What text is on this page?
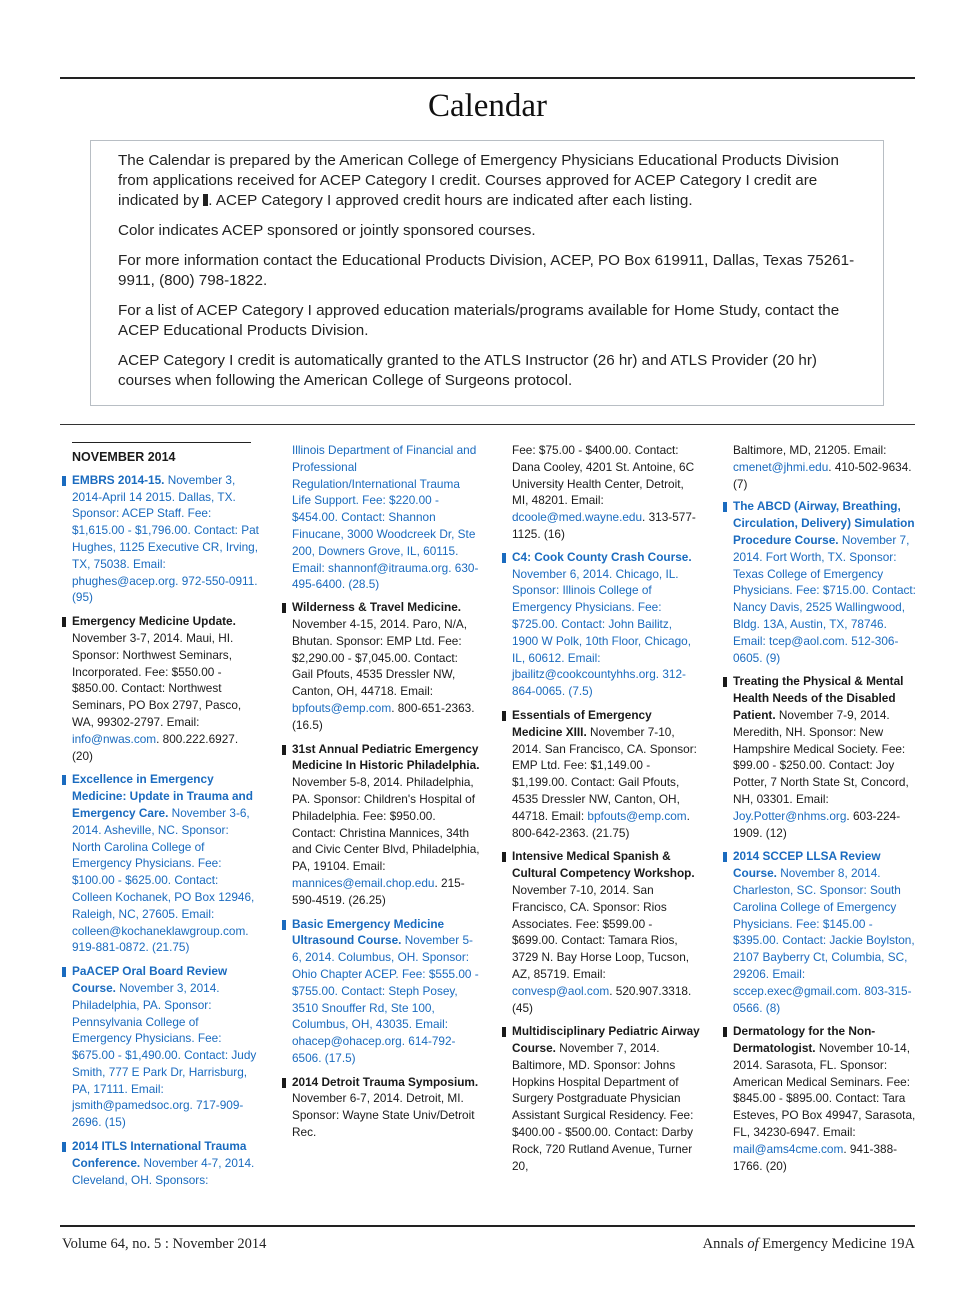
Calendar

The Calendar is prepared by the American College of Emergency Physicians Educational Products Division from applications received for ACEP Category I credit. Courses approved for ACEP Category I credit are indicated by . ACEP Category I approved credit hours are indicated after each listing.

Color indicates ACEP sponsored or jointly sponsored courses.

For more information contact the Educational Products Division, ACEP, PO Box 619911, Dallas, Texas 75261-9911, (800) 798-1822.

For a list of ACEP Category I approved education materials/programs available for Home Study, contact the ACEP Educational Products Division.

ACEP Category I credit is automatically granted to the ATLS Instructor (26 hr) and ATLS Provider (20 hr) courses when following the American College of Surgeons protocol.

NOVEMBER 2014
EMBRS 2014-15. November 3, 2014-April 14 2015. Dallas, TX. Sponsor: ACEP Staff. Fee: $1,615.00 - $1,796.00. Contact: Pat Hughes, 1125 Executive CR, Irving, TX, 75038. Email: phughes@acep.org. 972-550-0911. (95)
Emergency Medicine Update. November 3-7, 2014. Maui, HI. Sponsor: Northwest Seminars, Incorporated. Fee: $550.00 - $850.00. Contact: Northwest Seminars, PO Box 2797, Pasco, WA, 99302-2797. Email: info@nwas.com. 800.222.6927. (20)
Excellence in Emergency Medicine: Update in Trauma and Emergency Care. November 3-6, 2014. Asheville, NC. Sponsor: North Carolina College of Emergency Physicians. Fee: $100.00 - $625.00. Contact: Colleen Kochanek, PO Box 12946, Raleigh, NC, 27605. Email: colleen@kochaneklawgroup.com. 919-881-0872. (21.75)
PaACEP Oral Board Review Course. November 3, 2014. Philadelphia, PA. Sponsor: Pennsylvania College of Emergency Physicians. Fee: $675.00 - $1,490.00. Contact: Judy Smith, 777 E Park Dr, Harrisburg, PA, 17111. Email: jsmith@pamedsoc.org. 717-909-2696. (15)
2014 ITLS International Trauma Conference. November 4-7, 2014. Cleveland, OH. Sponsors:
Illinois Department of Financial and Professional Regulation/International Trauma Life Support. Fee: $220.00 - $454.00. Contact: Shannon Finucane, 3000 Woodcreek Dr, Ste 200, Downers Grove, IL, 60115. Email: shannonf@itrauma.org. 630-495-6400. (28.5)
Wilderness & Travel Medicine. November 4-15, 2014. Paro, N/A, Bhutan. Sponsor: EMP Ltd. Fee: $2,290.00 - $7,045.00. Contact: Gail Pfouts, 4535 Dressler NW, Canton, OH, 44718. Email: bpfouts@emp.com. 800-651-2363. (16.5)
31st Annual Pediatric Emergency Medicine In Historic Philadelphia. November 5-8, 2014. Philadelphia, PA. Sponsor: Children's Hospital of Philadelphia. Fee: $950.00. Contact: Christina Mannices, 34th and Civic Center Blvd, Philadelphia, PA, 19104. Email: mannices@email.chop.edu. 215-590-4519. (26.25)
Basic Emergency Medicine Ultrasound Course. November 5-6, 2014. Columbus, OH. Sponsor: Ohio Chapter ACEP. Fee: $555.00 - $755.00. Contact: Steph Posey, 3510 Snouffer Rd, Ste 100, Columbus, OH, 43035. Email: ohacep@ohacep.org. 614-792-6506. (17.5)
2014 Detroit Trauma Symposium. November 6-7, 2014. Detroit, MI. Sponsor: Wayne State Univ/Detroit Rec.
Fee: $75.00 - $400.00. Contact: Dana Cooley, 4201 St. Antoine, 6C University Health Center, Detroit, MI, 48201. Email: dcoole@med.wayne.edu. 313-577-1125. (16)
C4: Cook County Crash Course. November 6, 2014. Chicago, IL. Sponsor: Illinois College of Emergency Physicians. Fee: $725.00. Contact: John Bailitz, 1900 W Polk, 10th Floor, Chicago, IL, 60612. Email: jbailitz@cookcountyhhs.org. 312-864-0065. (7.5)
Essentials of Emergency Medicine XIII. November 7-10, 2014. San Francisco, CA. Sponsor: EMP Ltd. Fee: $1,149.00 - $1,199.00. Contact: Gail Pfouts, 4535 Dressler NW, Canton, OH, 44718. Email: bpfouts@emp.com. 800-642-2363. (21.75)
Intensive Medical Spanish & Cultural Competency Workshop. November 7-10, 2014. San Francisco, CA. Sponsor: Rios Associates. Fee: $599.00 - $699.00. Contact: Tamara Rios, 3729 N. Bay Horse Loop, Tucson, AZ, 85719. Email: convesp@aol.com. 520.907.3318. (45)
Multidisciplinary Pediatric Airway Course. November 7, 2014. Baltimore, MD. Sponsor: Johns Hopkins Hospital Department of Surgery Postgraduate Physician Assistant Surgical Residency. Fee: $400.00 - $500.00. Contact: Darby Rock, 720 Rutland Avenue, Turner 20,
Baltimore, MD, 21205. Email: cmenet@jhmi.edu. 410-502-9634. (7)
The ABCD (Airway, Breathing, Circulation, Delivery) Simulation Procedure Course. November 7, 2014. Fort Worth, TX. Sponsor: Texas College of Emergency Physicians. Fee: $715.00. Contact: Nancy Davis, 2525 Wallingwood, Bldg. 13A, Austin, TX, 78746. Email: tcep@aol.com. 512-306-0605. (9)
Treating the Physical & Mental Health Needs of the Disabled Patient. November 7-9, 2014. Meredith, NH. Sponsor: New Hampshire Medical Society. Fee: $99.00 - $250.00. Contact: Joy Potter, 7 North State St, Concord, NH, 03301. Email: Joy.Potter@nhms.org. 603-224-1909. (12)
2014 SCCEP LLSA Review Course. November 8, 2014. Charleston, SC. Sponsor: South Carolina College of Emergency Physicians. Fee: $145.00 - $395.00. Contact: Jackie Boylston, 2107 Bayberry Ct, Columbia, SC, 29206. Email: sccep.exec@gmail.com. 803-315-0566. (8)
Dermatology for the Non-Dermatologist. November 10-14, 2014. Sarasota, FL. Sponsor: American Medical Seminars. Fee: $845.00 - $895.00. Contact: Tara Esteves, PO Box 49947, Sarasota, FL, 34230-6947. Email: mail@ams4cme.com. 941-388-1766. (20)
Volume 64, no. 5 : November 2014	Annals of Emergency Medicine 19A
